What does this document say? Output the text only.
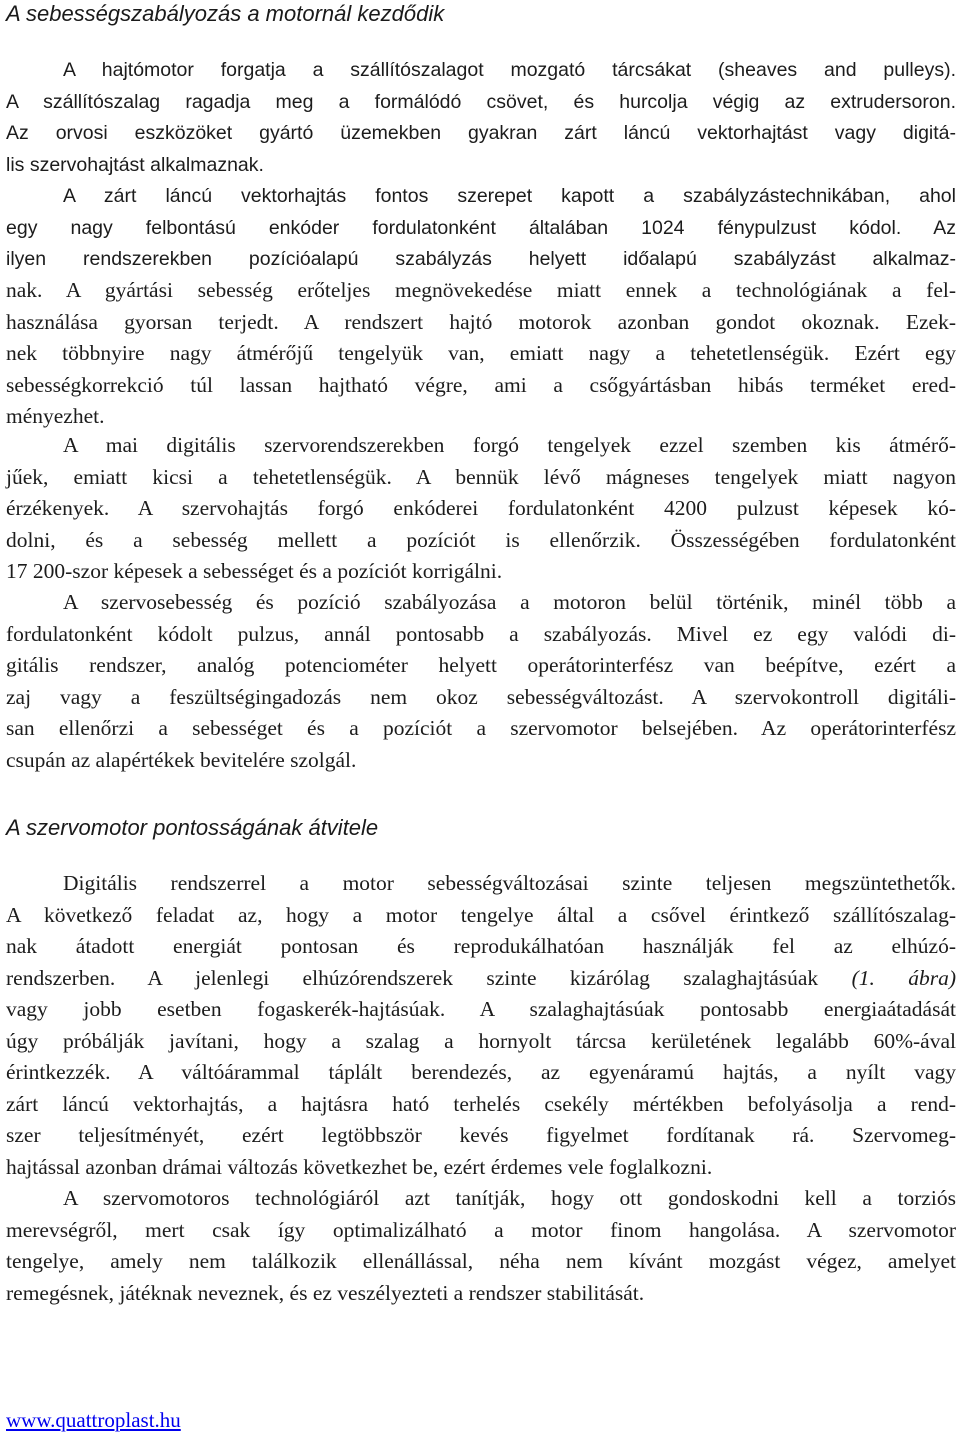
A sebességszabályozás a motornál kezdődik
A hajtómotor forgatja a szállítószalagot mozgató tárcsákat (sheaves and pulleys).
A szállítószalag ragadja meg a formálódó csövet, és hurcolja végig az extrudersoron.
Az orvosi eszközöket gyártó üzemekben gyakran zárt láncú vektorhajtást vagy digitá-
lis szervohajtást alkalmaznak.
A zárt láncú vektorhajtás fontos szerepet kapott a szabályzástechnikában, ahol
egy nagy felbontású enkóder fordulatonként általában 1024 fénypulzust kódol. Az
ilyen rendszerekben pozícióalapú szabályzás helyett időalapú szabályzást alkalmaz-
nak. A gyártási sebesség erőteljes megnövekedése miatt ennek a technológiának a fel-
használása gyorsan terjedt. A rendszert hajtó motorok azonban gondot okoznak. Ezek-
nek többnyire nagy átmérőjű tengelyük van, emiatt nagy a tehetetlenségük. Ezért egy
sebességkorrekció túl lassan hajtható végre, ami a csőgyártásban hibás terméket ered-
ményezhet.
A mai digitális szervorendszerekben forgó tengelyek ezzel szemben kis átmérő-
jűek, emiatt kicsi a tehetetlenségük. A bennük lévő mágneses tengelyek miatt nagyon
érzékenyek. A szervohajtás forgó enkóderei fordulatonként 4200 pulzust képesek kó-
dolni, és a sebesség mellett a pozíciót is ellenőrzik. Összességében fordulatonként
17 200-szor képesek a sebességet és a pozíciót korrigálni.
A szervosebesség és pozíció szabályozása a motoron belül történik, minél több a
fordulatonként kódolt pulzus, annál pontosabb a szabályozás. Mivel ez egy valódi di-
gitális rendszer, analóg potenciométer helyett operátorinterfész van beépítve, ezért a
zaj vagy a feszültségingadozás nem okoz sebességváltozást. A szervokontroll digitáli-
san ellenőrzi a sebességet és a pozíciót a szervomotor belsejében. Az operátorinterfész
csupán az alapértékek bevitelére szolgál.
A szervomotor pontosságának átvitele
Digitális rendszerrel a motor sebességváltozásai szinte teljesen megszüntethetők.
A következő feladat az, hogy a motor tengelye által a csővel érintkező szállítószalag-
nak átadott energiát pontosan és reprodukálhatóan használják fel az elhúzó-
rendszerben. A jelenlegi elhúzórendszerek szinte kizárólag szalaghajtásúak (1. ábra)
vagy jobb esetben fogaskerék-hajtásúak. A szalaghajtásúak pontosabb energiaátadását
úgy próbálják javítani, hogy a szalag a hornyolt tárcsa kerületének legalább 60%-ával
érintkezzék. A váltóárammal táplált berendezés, az egyenáramú hajtás, a nyílt vagy
zárt láncú vektorhajtás, a hajtásra ható terhelés csekély mértékben befolyásolja a rend-
szer teljesítményét, ezért legtöbbször kevés figyelmet fordítanak rá. Szervomeg-
hajtással azonban drámai változás következhet be, ezért érdemes vele foglalkozni.
A szervomotoros technológiáról azt tanítják, hogy ott gondoskodni kell a torziós
merevségről, mert csak így optimalizálható a motor finom hangolása. A szervomotor
tengelye, amely nem találkozik ellenállással, néha nem kívánt mozgást végez, amelyet
remegésnek, játéknak neveznek, és ez veszélyezteti a rendszer stabilitását.
www.quattroplast.hu
